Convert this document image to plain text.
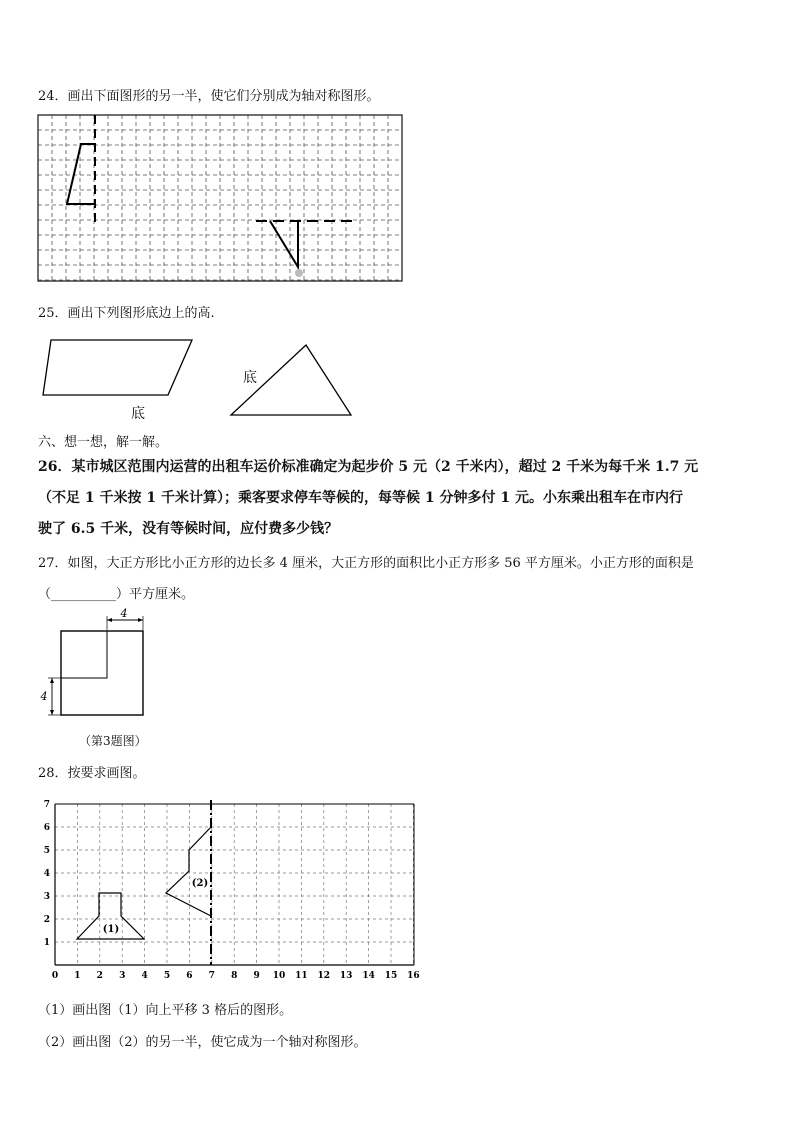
24．画出下面图形的另一半，使它们分别成为轴对称图形。
25．画出下列图形底边上的高.
底
底
六、想一想，解一解。
26．某市城区范围内运营的出租车运价标准确定为起步价 5 元（2 千米内），超过 2 千米为每千米 1.7 元
（不足 1 千米按 1 千米计算）；乘客要求停车等候的，每等候 1 分钟多付 1 元。小东乘出租车在市内行
驶了 6.5 千米，没有等候时间，应付费多少钱？
27．如图，大正方形比小正方形的边长多 4 厘米，大正方形的面积比小正方形多 56 平方厘米。小正方形的面积是
（__________）平方厘米。
4
4
（第3题图）
28．按要求画图。
0 1 2 3 4 5 6 7 8 9 10 11 12 13 14 15 16
1
2
3
4
5
6
7
(1)
(2)
（1）画出图（1）向上平移 3 格后的图形。
（2）画出图（2）的另一半，使它成为一个轴对称图形。
